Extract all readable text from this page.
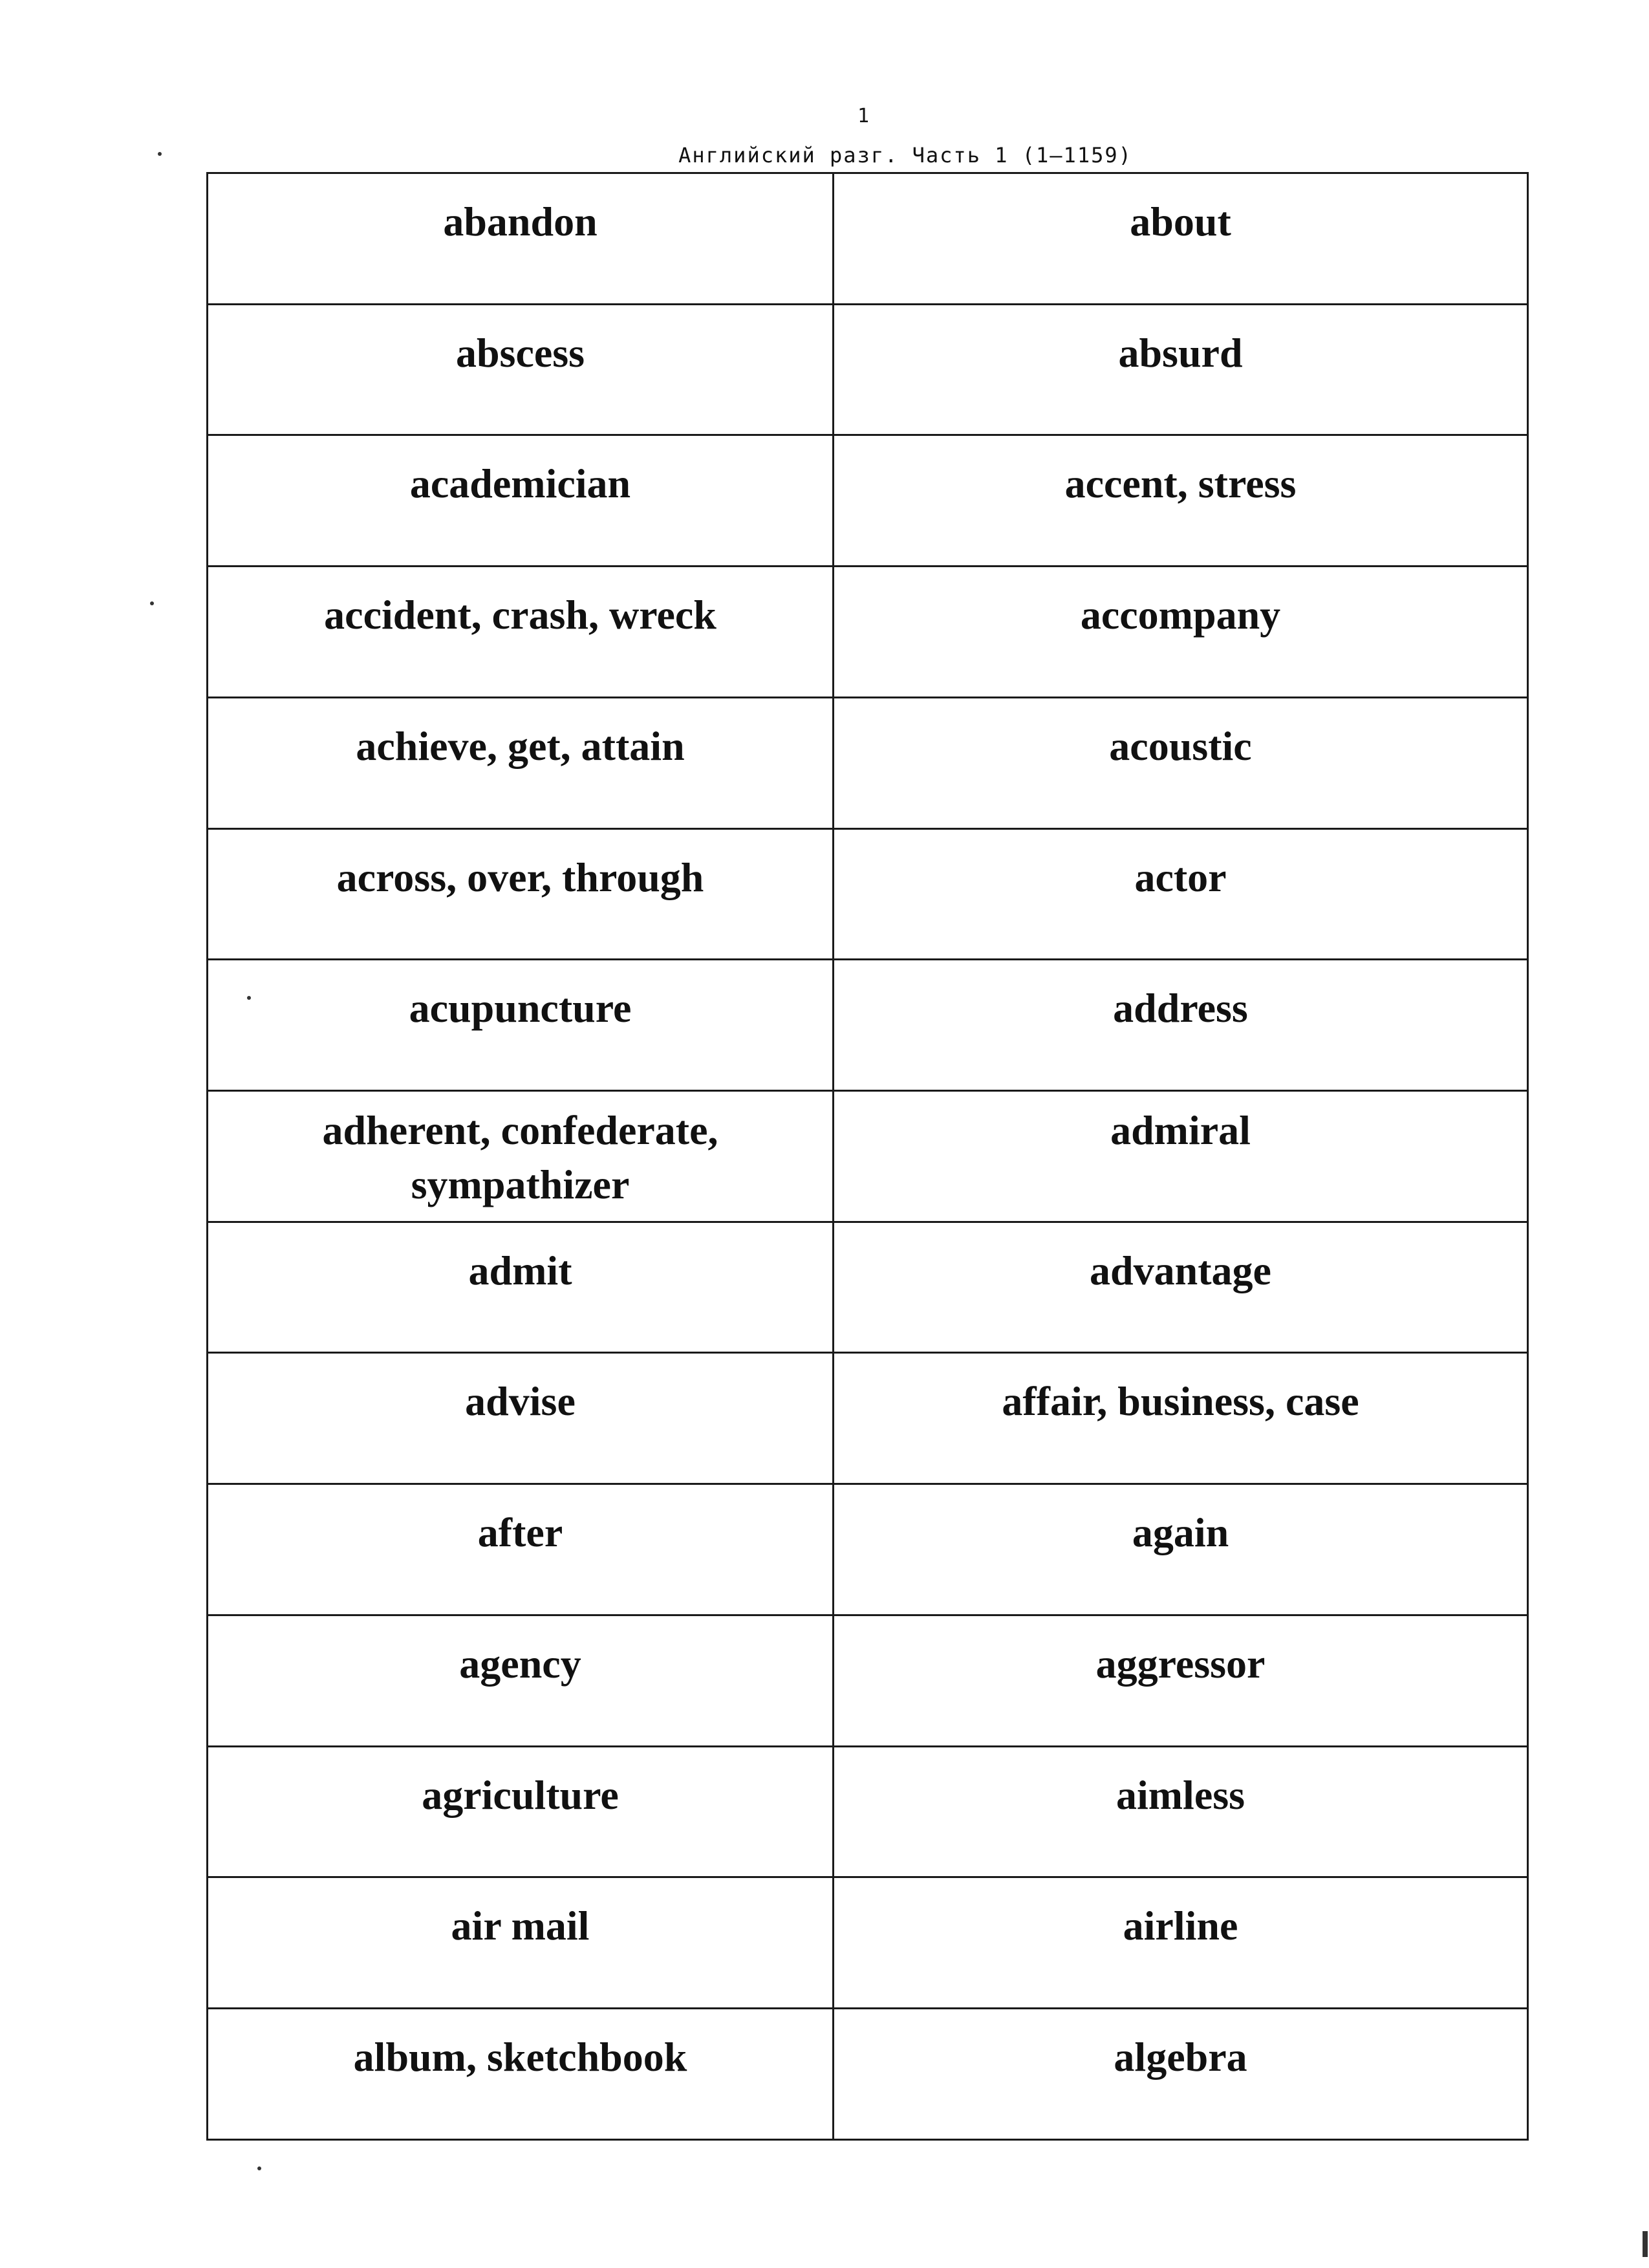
1
Английский разг. Часть 1 (1–1159)
abandon	about
abscess	absurd
academician	accent, stress
accident, crash, wreck	accompany
achieve, get, attain	acoustic
across, over, through	actor
acupuncture	address
adherent, confederate, sympathizer	admiral
admit	advantage
advise	affair, business, case
after	again
agency	aggressor
agriculture	aimless
air mail	airline
album, sketchbook	algebra
